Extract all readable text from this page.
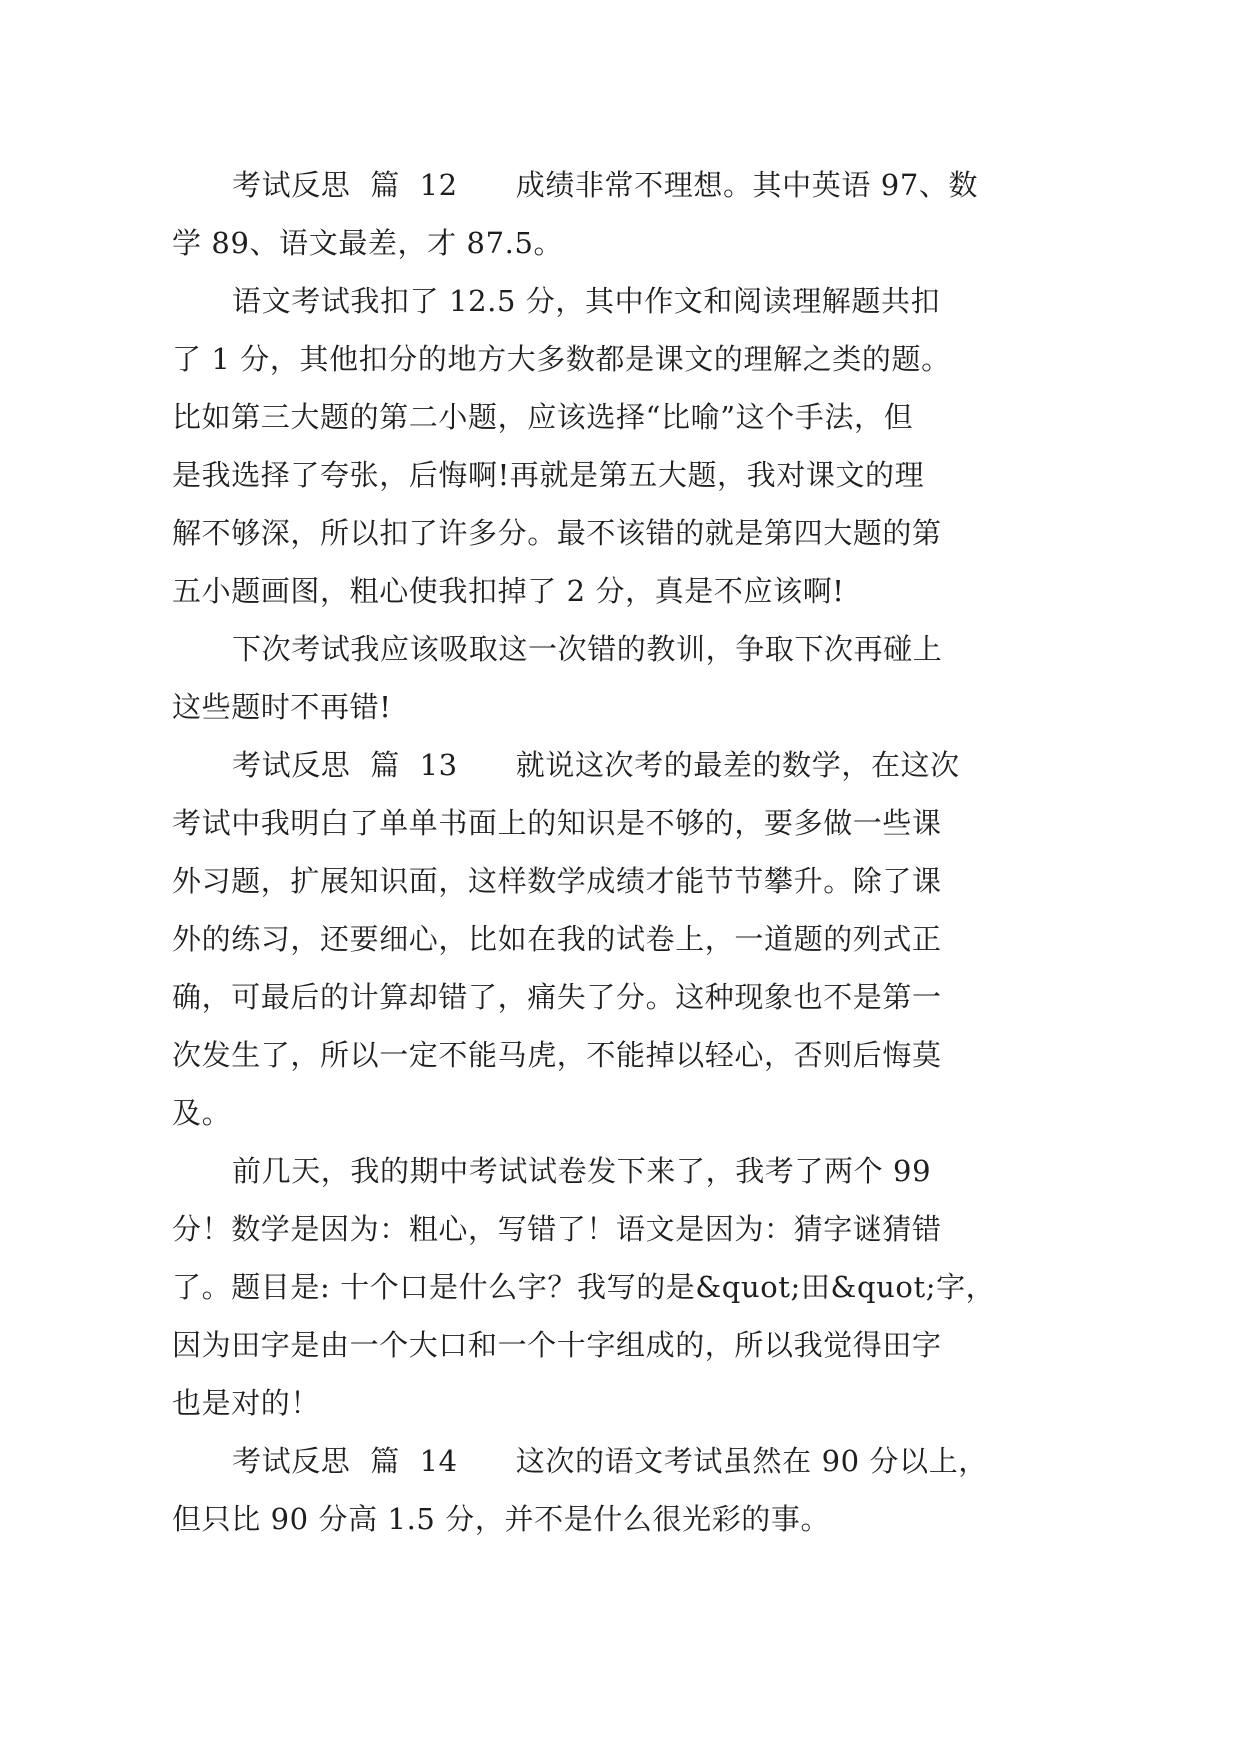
考试反思 篇 12 成绩非常不理想。其中英语 97、数
学 89、语文最差，才 87.5。
语文考试我扣了 12.5 分，其中作文和阅读理解题共扣
了 1 分，其他扣分的地方大多数都是课文的理解之类的题。
比如第三大题的第二小题，应该选择“比喻”这个手法，但
是我选择了夸张，后悔啊!再就是第五大题，我对课文的理
解不够深，所以扣了许多分。最不该错的就是第四大题的第
五小题画图，粗心使我扣掉了 2 分，真是不应该啊!
下次考试我应该吸取这一次错的教训，争取下次再碰上
这些题时不再错!
考试反思 篇 13 就说这次考的最差的数学，在这次
考试中我明白了单单书面上的知识是不够的，要多做一些课
外习题，扩展知识面，这样数学成绩才能节节攀升。除了课
外的练习，还要细心，比如在我的试卷上，一道题的列式正
确，可最后的计算却错了，痛失了分。这种现象也不是第一
次发生了，所以一定不能马虎，不能掉以轻心，否则后悔莫
及。
前几天，我的期中考试试卷发下来了，我考了两个 99
分！数学是因为：粗心，写错了！语文是因为：猜字谜猜错
了。题目是: 十个口是什么字？我写的是&quot;田&quot;字，
因为田字是由一个大口和一个十字组成的，所以我觉得田字
也是对的！
考试反思 篇 14 这次的语文考试虽然在 90 分以上，
但只比 90 分高 1.5 分，并不是什么很光彩的事。
